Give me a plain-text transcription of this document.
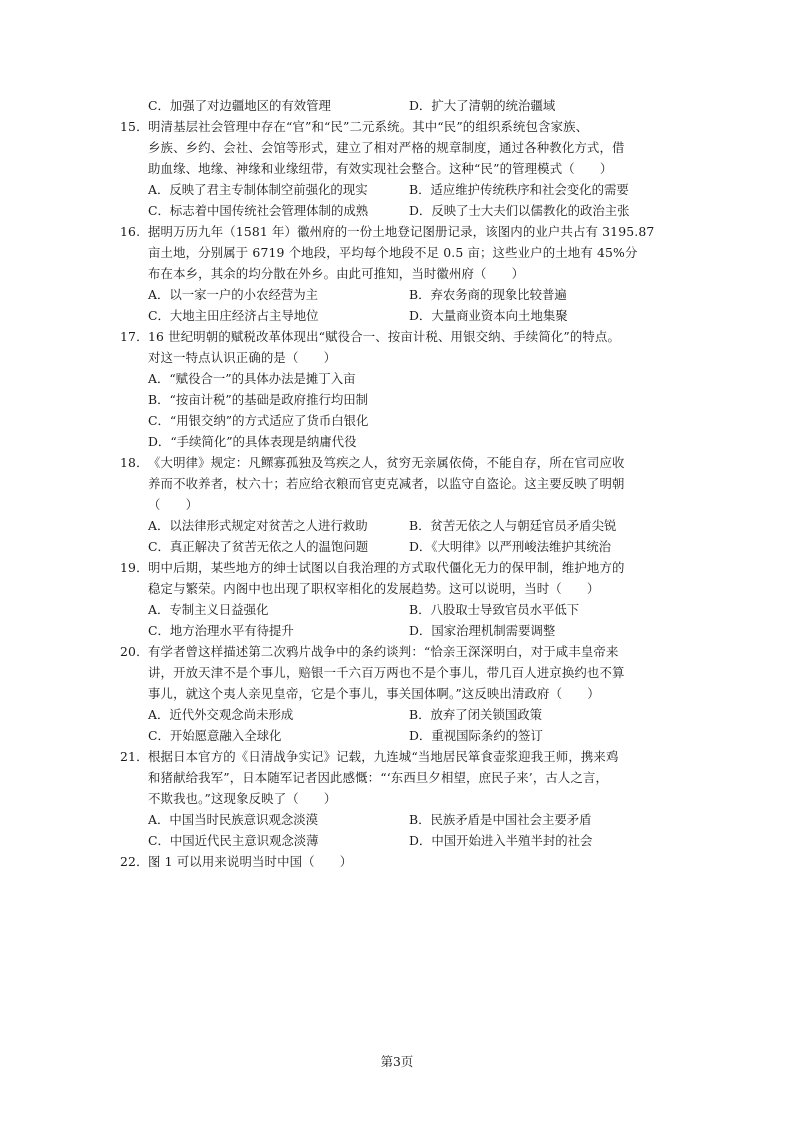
C．加强了对边疆地区的有效管理	D．扩大了清朝的统治疆域
15． 明清基层社会管理中存在“官”和“民”二元系统。其中“民”的组织系统包含家族、
乡族、乡约、会社、会馆等形式，建立了相对严格的规章制度，通过各种教化方式，借
助血缘、地缘、神缘和业缘纽带，有效实现社会整合。这种“民”的管理模式（　　）
A．反映了君主专制体制空前强化的现实	B．适应维护传统秩序和社会变化的需要
C．标志着中国传统社会管理体制的成熟	D．反映了士大夫们以儒教化的政治主张
16. 据明万历九年（1581 年）徽州府的一份土地登记图册记录，该图内的业户共占有 3195.87
亩土地，分别属于 6719 个地段，平均每个地段不足 0.5 亩；这些业户的土地有 45%分
布在本乡，其余的均分散在外乡。由此可推知，当时徽州府（　　）
A．以一家一户的小农经营为主	B．弃农务商的现象比较普遍
C．大地主田庄经济占主导地位	D．大量商业资本向土地集聚
17． 16 世纪明朝的赋税改革体现出“赋役合一、按亩计税、用银交纳、手续简化”的特点。
对这一特点认识正确的是（　　）
A．“赋役合一”的具体办法是摊丁入亩
B．“按亩计税”的基础是政府推行均田制
C．“用银交纳”的方式适应了货币白银化
D．“手续简化”的具体表现是纳庸代役
18． 《大明律》规定：凡鳏寡孤独及笃疾之人，贫穷无亲属依倚，不能自存，所在官司应收
养而不收养者，杖六十；若应给衣粮而官吏克减者，以监守自盗论。这主要反映了明朝
（　　）
A．以法律形式规定对贫苦之人进行救助	B．贫苦无依之人与朝廷官员矛盾尖锐
C．真正解决了贫苦无依之人的温饱问题	D．《大明律》以严刑峻法维护其统治
19． 明中后期，某些地方的绅士试图以自我治理的方式取代僵化无力的保甲制，维护地方的
稳定与繁荣。内阁中也出现了职权宰相化的发展趋势。这可以说明，当时（　　）
A．专制主义日益强化	B．八股取士导致官员水平低下
C．地方治理水平有待提升	D．国家治理机制需要调整
20． 有学者曾这样描述第二次鸦片战争中的条约谈判：“恰亲王深深明白，对于咸丰皇帝来
讲，开放天津不是个事儿，赔银一千六百万两也不是个事儿，带几百人进京换约也不算
事儿，就这个夷人亲见皇帝，它是个事儿，事关国体啊。”这反映出清政府（　　）
A．近代外交观念尚未形成	B．放弃了闭关锁国政策
C．开始愿意融入全球化	D．重视国际条约的签订
21． 根据日本官方的《日清战争实记》记载，九连城“当地居民箪食壶浆迎我王师，携来鸡
和猪献给我军”，日本随军记者因此感慨：“‘东西旦夕相望，庶民子来’，古人之言，
不欺我也。”这现象反映了（　　）
A．中国当时民族意识观念淡漠	B．民族矛盾是中国社会主要矛盾
C．中国近代民主意识观念淡薄	D．中国开始进入半殖半封的社会
22． 图 1 可以用来说明当时中国（　　）
第3页
